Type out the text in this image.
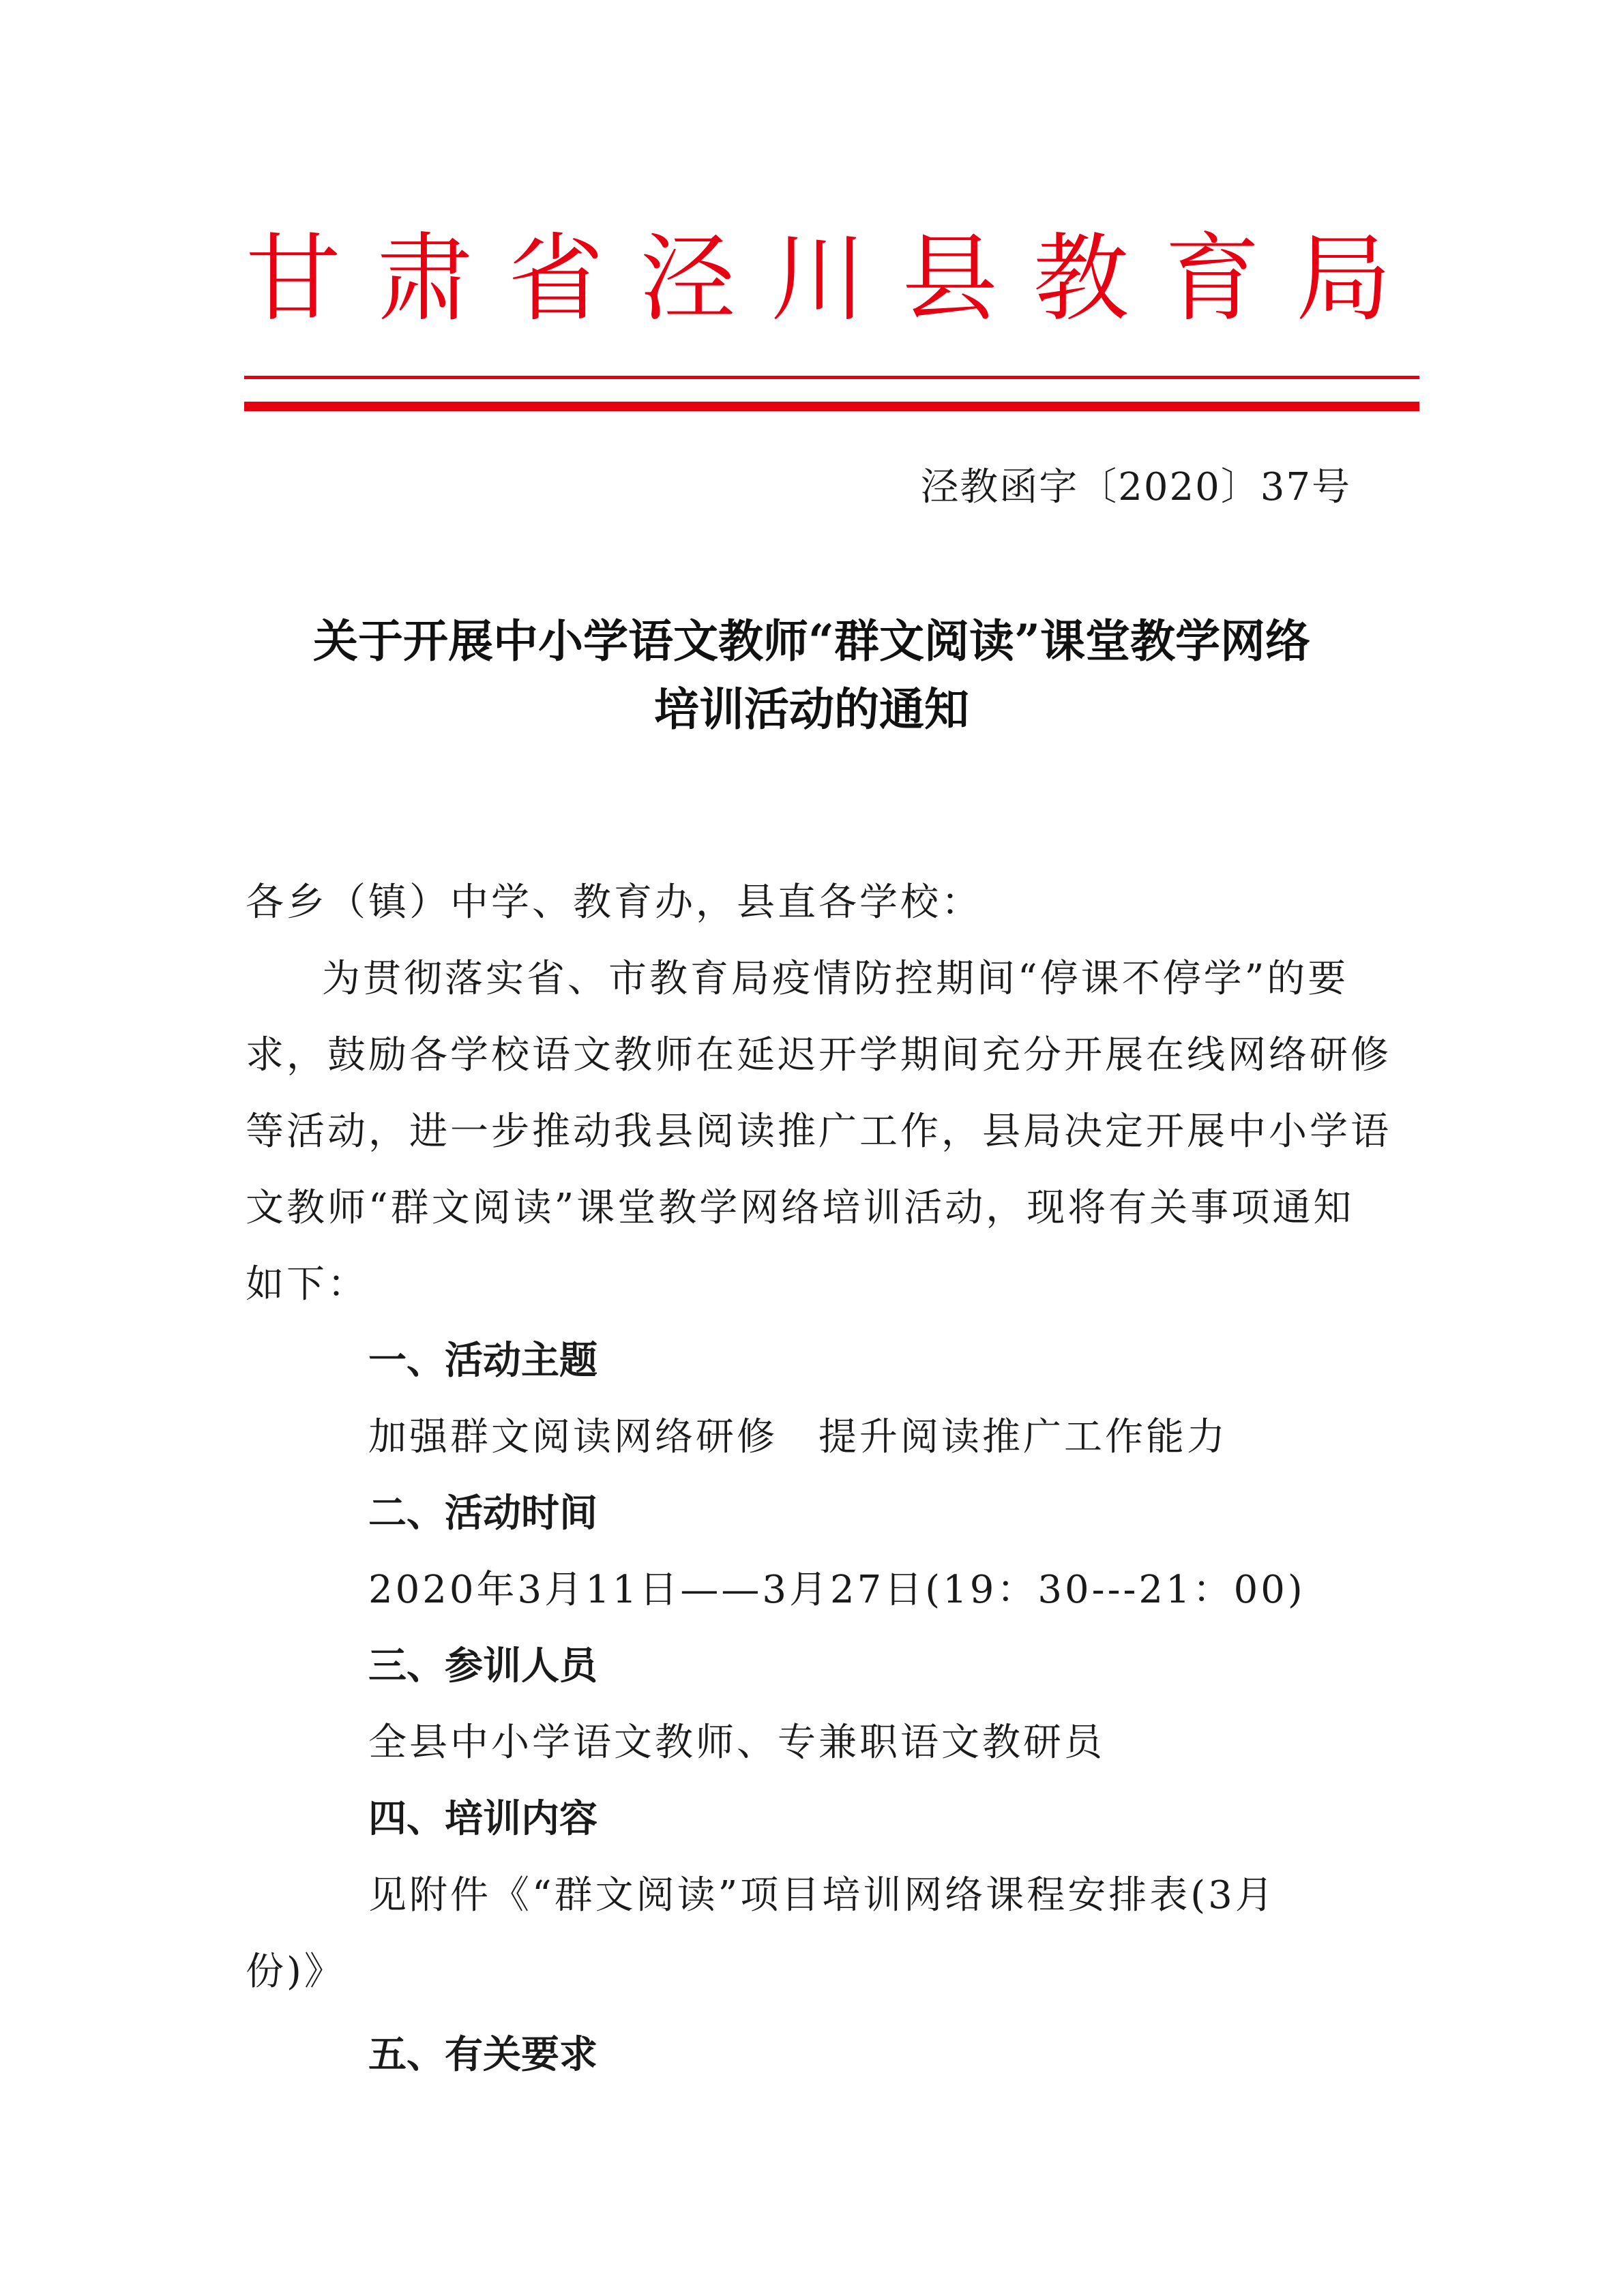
甘 肃 省 泾 川 县 教 育 局
泾教函字〔2020〕37号
关于开展中小学语文教师“群文阅读”课堂教学网络
培训活动的通知
各乡（镇）中学、教育办，县直各学校：
为贯彻落实省、市教育局疫情防控期间“停课不停学”的要
求，鼓励各学校语文教师在延迟开学期间充分开展在线网络研修
等活动，进一步推动我县阅读推广工作，县局决定开展中小学语
文教师“群文阅读”课堂教学网络培训活动，现将有关事项通知
如下：
一、活动主题
加强群文阅读网络研修　提升阅读推广工作能力
二、活动时间
2020年3月11日——3月27日(19：30---21：00)
三、参训人员
全县中小学语文教师、专兼职语文教研员
四、培训内容
见附件《“群文阅读”项目培训网络课程安排表(3月
份)》
五、有关要求
